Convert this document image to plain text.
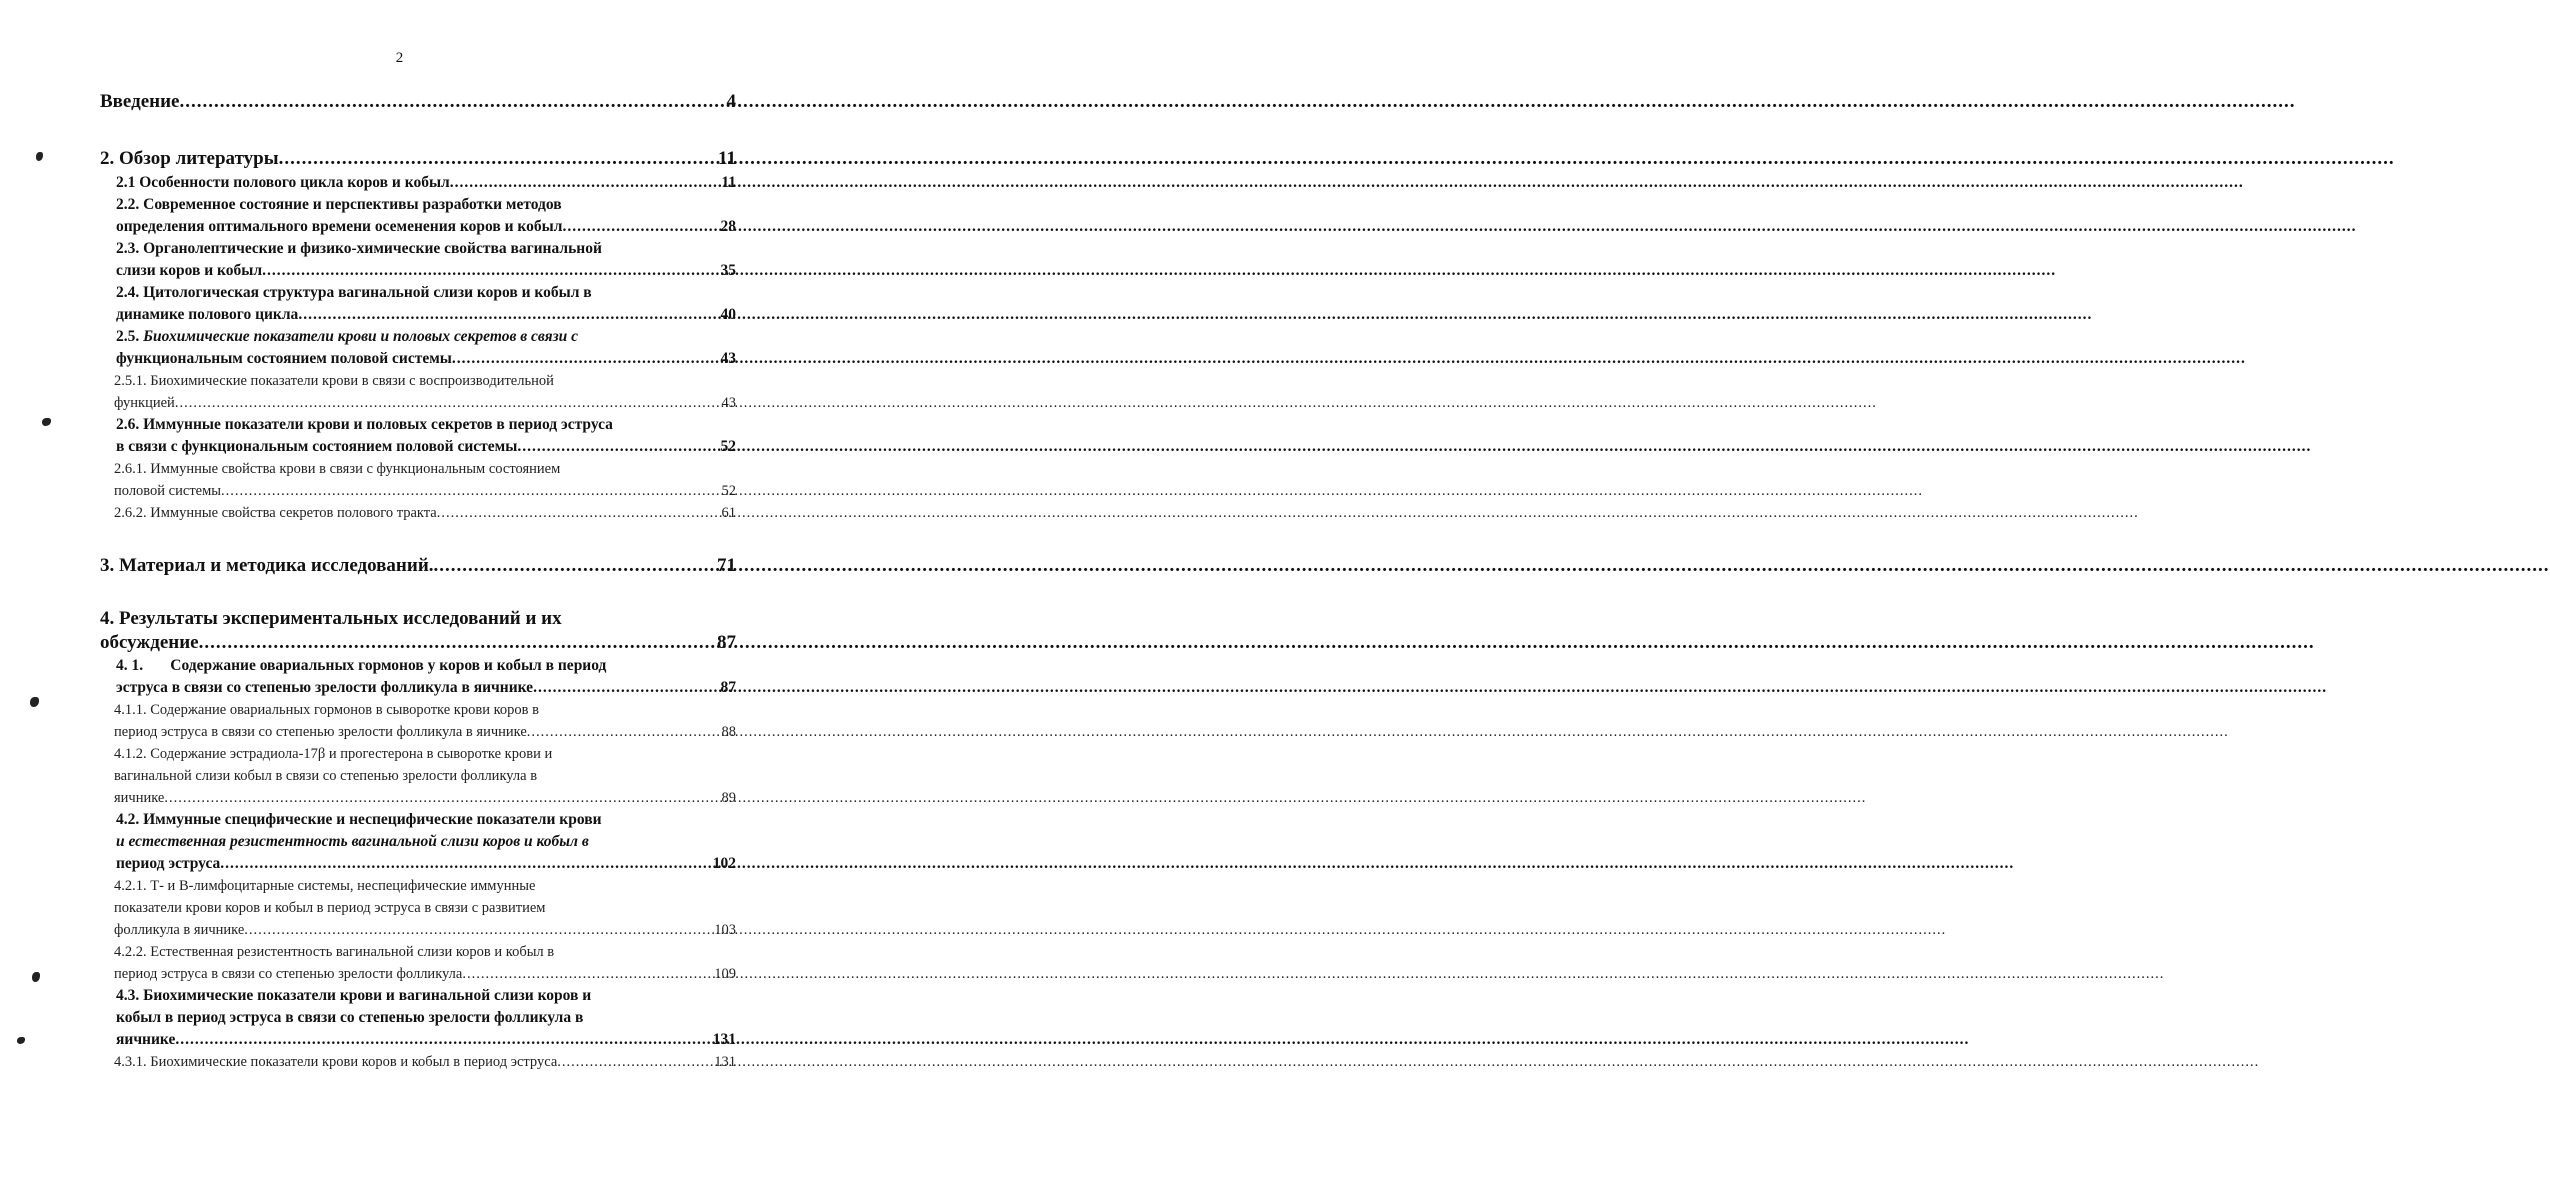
2
Введение .....	4
2. Обзор литературы .....	11
2.1 Особенности полового цикла коров и кобыл .....	11
2.2. Современное состояние и перспективы разработки методов
определения оптимального времени осеменения коров и кобыл .....	28
2.3. Органолептические и физико-химические свойства вагинальной
слизи коров и кобыл .....	35
2.4. Цитологическая структура вагинальной слизи коров и кобыл в
динамике полового цикла .....	40
2.5. Биохимические показатели крови и половых секретов в связи с
функциональным состоянием половой системы .....	43
2.5.1. Биохимические показатели крови в связи с воспроизводительной
функцией .....	43
2.6. Иммунные показатели крови и половых секретов в период эструса
в связи с функциональным состоянием половой системы .....	52
2.6.1. Иммунные свойства крови в связи с функциональным состоянием
половой системы .....	52
2.6.2. Иммунные свойства секретов полового тракта .....	61
3. Материал и методика исследований. .....	71
4. Результаты экспериментальных исследований и их
обсуждение .....	87
4. 1. Содержание овариальных гормонов у коров и кобыл в период
эструса в связи со степенью зрелости фолликула в яичнике .....	87
4.1.1. Содержание овариальных гормонов в сыворотке крови коров в
период эструса в связи со степенью зрелости фолликула в яичнике .....	88
4.1.2. Содержание эстрадиола-17β и прогестерона в сыворотке крови и
вагинальной слизи кобыл в связи со степенью зрелости фолликула в
яичнике .....	89
4.2. Иммунные специфические и неспецифические показатели крови
и естественная резистентность вагинальной слизи коров и кобыл в
период эструса .....	102
4.2.1. Т- и В-лимфоцитарные системы, неспецифические иммунные
показатели крови коров и кобыл в период эструса в связи с развитием
фолликула в яичнике .....	103
4.2.2. Естественная резистентность вагинальной слизи коров и кобыл в
период эструса в связи со степенью зрелости фолликула .....	109
4.3. Биохимические показатели крови и вагинальной слизи коров и
кобыл в период эструса в связи со степенью зрелости фолликула в
яичнике .....	131
4.3.1. Биохимические показатели крови коров и кобыл в период эструса .....	131
